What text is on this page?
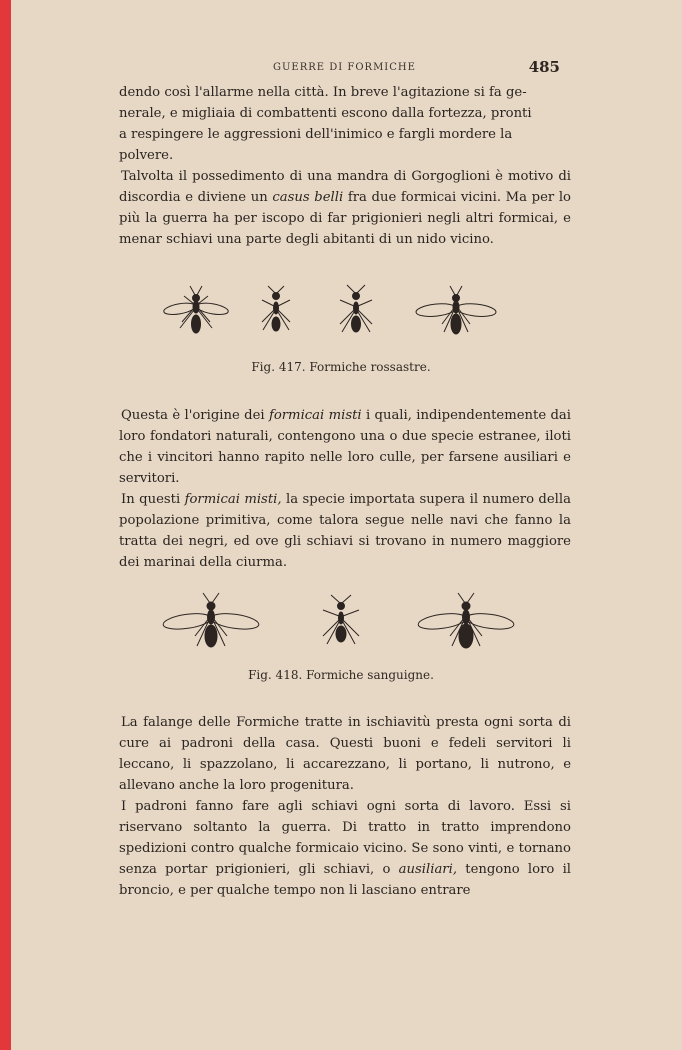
GUERRE DI FORMICHE	485

dendo così l'allarme nella città. In breve l'agitazione si fa ge-

nerale, e migliaia di combattenti escono dalla fortezza, pronti

a respingere le aggressioni dell'inimico e fargli mordere la

polvere.

Talvolta il possedimento di una mandra di Gorgoglioni è motivo di discordia e diviene un casus belli fra due formicai vicini. Ma per lo più la guerra ha per iscopo di far prigionieri negli altri formicai, e menar schiavi una parte degli abitanti di un nido vicino.

Fig. 417. Formiche rossastre.

Questa è l'origine dei formicai misti i quali, indipendentemente dai loro fondatori naturali, contengono una o due specie estranee, iloti che i vincitori hanno rapito nelle loro culle, per farsene ausiliari e servitori.

In questi formicai misti, la specie importata supera il numero della popolazione primitiva, come talora segue nelle navi che fanno la tratta dei negri, ed ove gli schiavi si trovano in numero maggiore dei marinai della ciurma.

Fig. 418. Formiche sanguigne.

La falange delle Formiche tratte in ischiavitù presta ogni sorta di cure ai padroni della casa. Questi buoni e fedeli servitori li leccano, li spazzolano, li accarezzano, li portano, li nutrono, e allevano anche la loro progenitura.

I padroni fanno fare agli schiavi ogni sorta di lavoro. Essi si riservano soltanto la guerra. Di tratto in tratto imprendono spedizioni contro qualche formicaio vicino. Se sono vinti, e tornano senza portar prigionieri, gli schiavi, o ausiliari, tengono loro il broncio, e per qualche tempo non li lasciano entrare
